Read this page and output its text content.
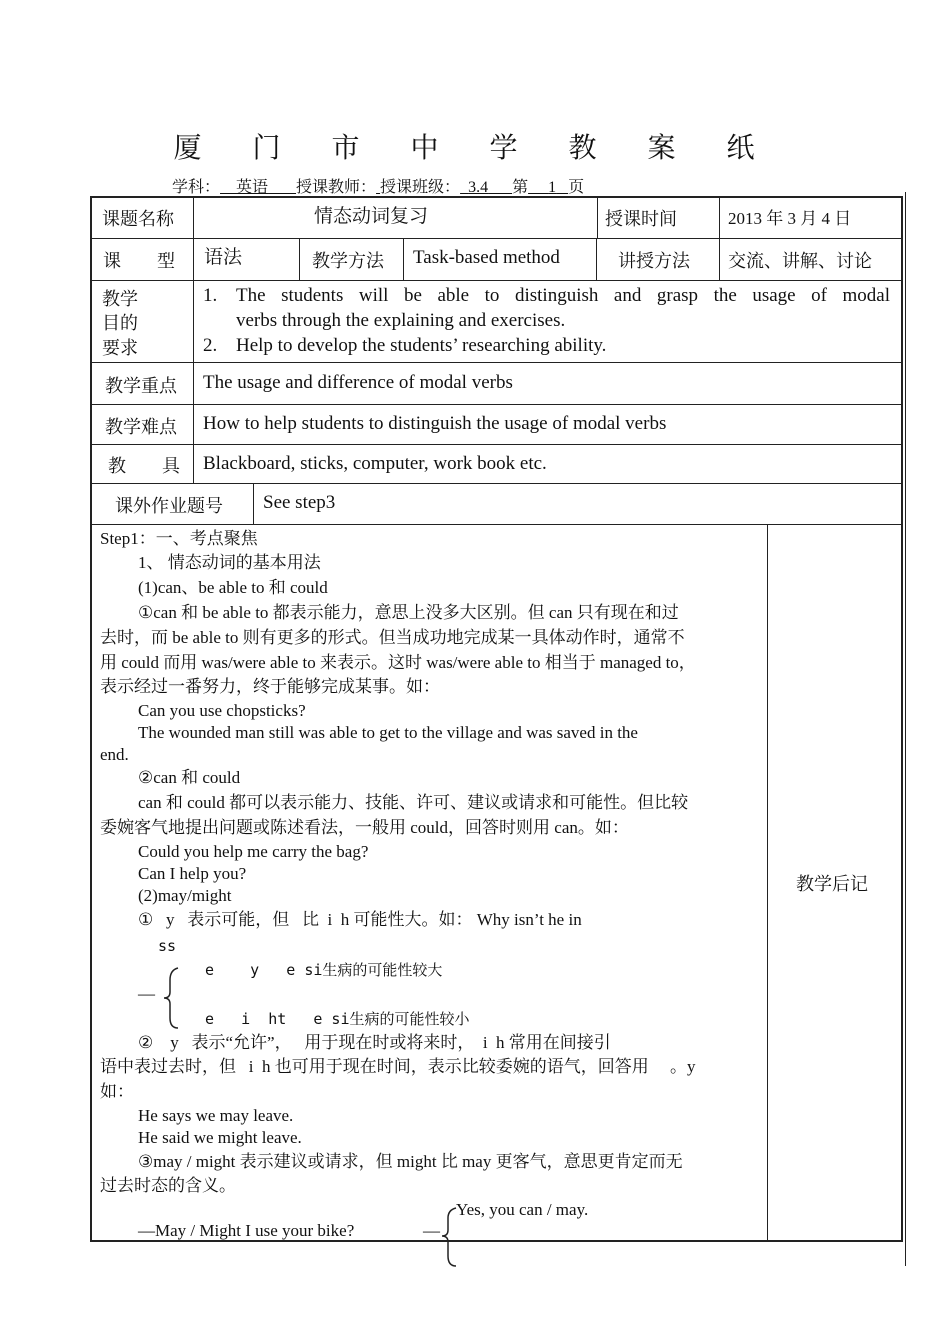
厦 门 市 中 学 教 案 纸
学科： 英语 授课教师： 授课班级： 3.4 第 1 页
课题名称	情态动词复习	授课时间	2013 年 3 月 4 日
课　　型 语法	教学方法 Task-based method	讲授方法 交流、讲解、讨论
教学
目的
要求
1. The students will be able to distinguish and grasp the usage of modal
verbs through the explaining and exercises.
2. Help to develop the students’ researching ability.
教学重点 The usage and difference of modal verbs
教学难点 How to help students to distinguish the usage of modal verbs
教　　具 Blackboard, sticks, computer, work book etc.
课外作业题号 See step3
教学后记
Step1：一、考点聚焦
1、 情态动词的基本用法
(1)can、be able to 和 could
①can 和 be able to 都表示能力，意思上没多大区别。但 can 只有现在和过
去时，而 be able to 则有更多的形式。但当成功地完成某一具体动作时，通常不
用 could 而用 was/were able to 来表示。这时 was/were able to 相当于 managed to，
表示经过一番努力，终于能够完成某事。如：
Can you use chopsticks?
The wounded man still was able to get to the village and was saved in the
end.
②can 和 could
can 和 could 都可以表示能力、技能、许可、建议或请求和可能性。但比较
委婉客气地提出问题或陈述看法，一般用 could，回答时则用 can。如：
Could you help me carry the bag?
Can I help you?
(2)may/might
①   y   表示可能，但   比  i  h 可能性大。如： Why isn’t he in
ss
e    y   e si生病的可能性较大
—
e   i  ht   e si生病的可能性较小
②    y   表示“允许”，   用于现在时或将来时，  i  h 常用在间接引
语中表过去时，但   i  h 也可用于现在时间，表示比较委婉的语气，回答用     。y
如：
He says we may leave.
He said we might leave.
③may / might 表示建议或请求，但 might 比 may 更客气，意思更肯定而无
过去时态的含义。
Yes, you can / may.
—May / Might I use your bike?	—
